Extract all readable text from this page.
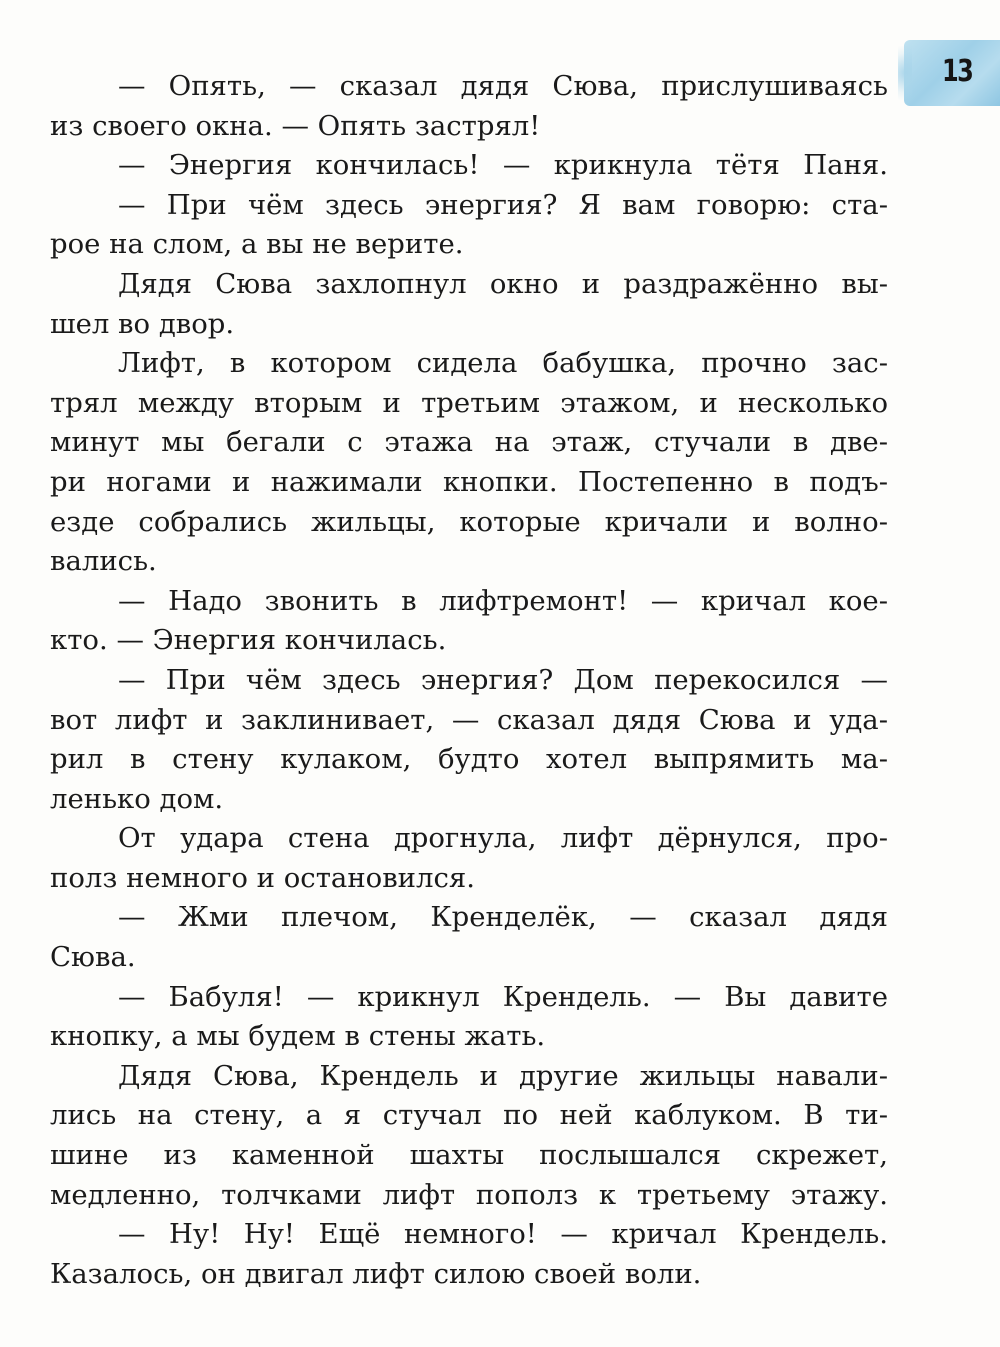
13
— Опять, — сказал дядя Сюва, прислушиваясь
из своего окна. — Опять застрял!
— Энергия кончилась! — крикнула тётя Паня.
— При чём здесь энергия? Я вам говорю: ста-
рое на слом, а вы не верите.
Дядя Сюва захлопнул окно и раздражённо вы-
шел во двор.
Лифт, в котором сидела бабушка, прочно зас-
трял между вторым и третьим этажом, и несколько
минут мы бегали с этажа на этаж, стучали в две-
ри ногами и нажимали кнопки. Постепенно в подъ-
езде собрались жильцы, которые кричали и волно-
вались.
— Надо звонить в лифтремонт! — кричал кое-
кто. — Энергия кончилась.
— При чём здесь энергия? Дом перекосился —
вот лифт и заклинивает, — сказал дядя Сюва и уда-
рил в стену кулаком, будто хотел выпрямить ма-
ленько дом.
От удара стена дрогнула, лифт дёрнулся, про-
полз немного и остановился.
— Жми плечом, Кренделёк, — сказал дядя
Сюва.
— Бабуля! — крикнул Крендель. — Вы давите
кнопку, а мы будем в стены жать.
Дядя Сюва, Крендель и другие жильцы навали-
лись на стену, а я стучал по ней каблуком. В ти-
шине из каменной шахты послышался скрежет,
медленно, толчками лифт пополз к третьему этажу.
— Ну! Ну! Ещё немного! — кричал Крендель.
Казалось, он двигал лифт силою своей воли.
